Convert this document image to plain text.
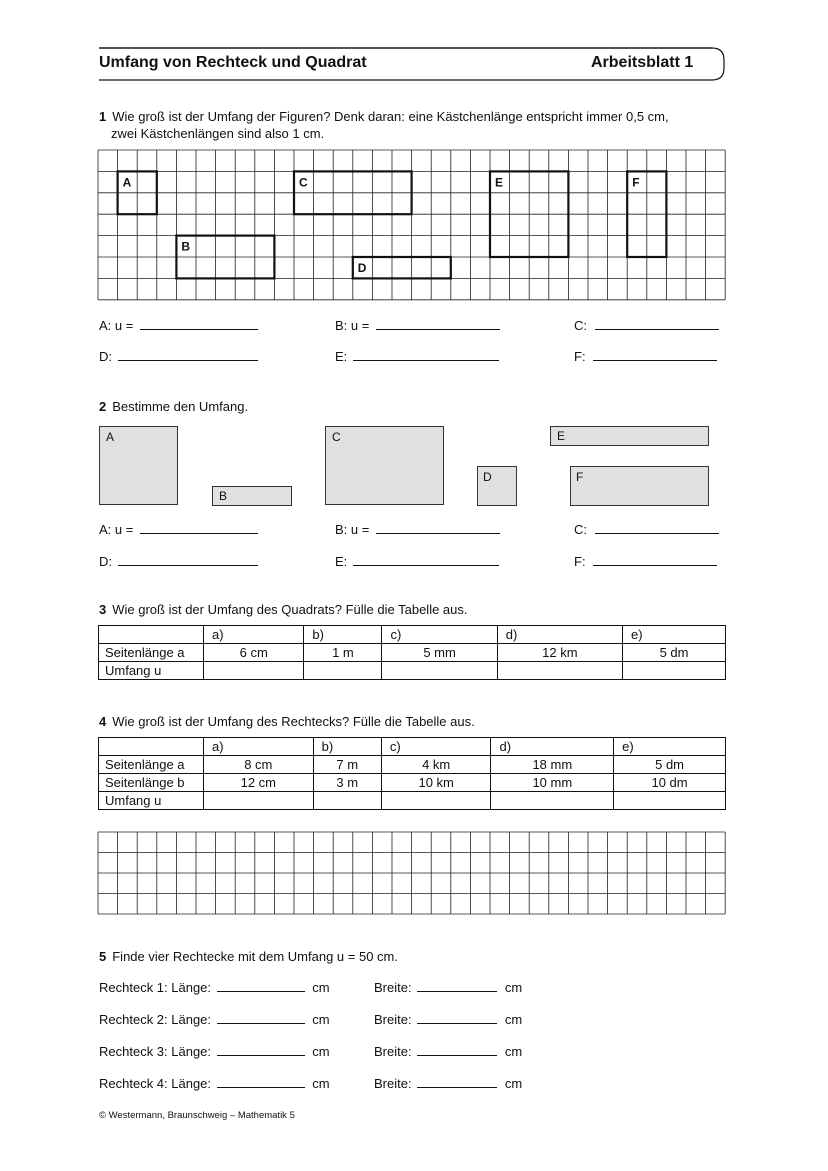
Umfang von Rechteck und Quadrat	Arbeitsblatt 1
1 Wie groß ist der Umfang der Figuren? Denk daran: eine Kästchenlänge entspricht immer 0,5 cm,
zwei Kästchenlängen sind also 1 cm.
A
B
C
D
E	F
A: u =	B: u =	C:
D:	E:	F:
2 Bestimme den Umfang.
A
B
C
D
E
F
A: u =	B: u =	C:
D:	E:	F:
3 Wie groß ist der Umfang des Quadrats? Fülle die Tabelle aus.
	a)	b)	c)	d)	e)
Seitenlänge a	6 cm	1 m	5 mm	12 km	5 dm
Umfang u					
4 Wie groß ist der Umfang des Rechtecks? Fülle die Tabelle aus.
	a)	b)	c)	d)	e)
Seitenlänge a	8 cm	7 m	4 km	18 mm	5 dm
Seitenlänge b	12 cm	3 m	10 km	10 mm	10 dm
Umfang u					
5 Finde vier Rechtecke mit dem Umfang u = 50 cm.
Rechteck 1: Länge:	cm	Breite:	cm
Rechteck 2: Länge:	cm	Breite:	cm
Rechteck 3: Länge:	cm	Breite:	cm
Rechteck 4: Länge:	cm	Breite:	cm
© Westermann, Braunschweig – Mathematik 5
